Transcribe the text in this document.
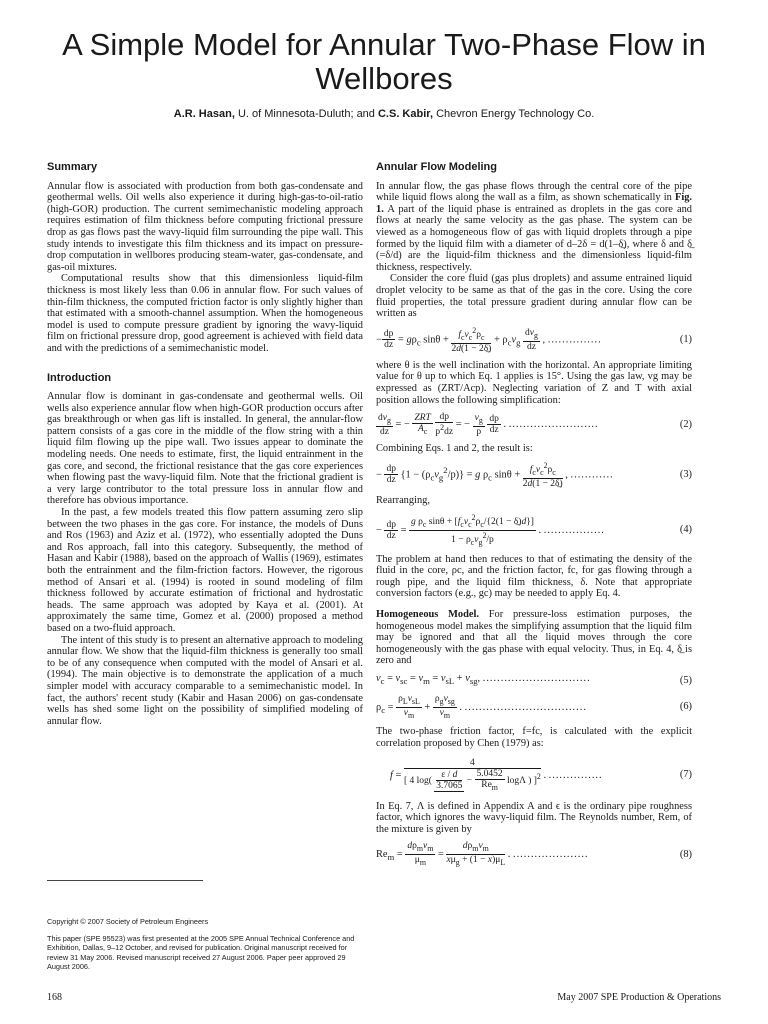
A Simple Model for Annular Two-Phase Flow in Wellbores
A.R. Hasan, U. of Minnesota-Duluth; and C.S. Kabir, Chevron Energy Technology Co.
Summary

Annular flow is associated with production from both gas-condensate and geothermal wells. Oil wells also experience it during high-gas-to-oil-ratio (high-GOR) production. The current semimechanistic modeling approach requires estimation of film thickness before computing frictional pressure drop as gas flows past the wavy-liquid film surrounding the pipe wall. This study intends to investigate this film thickness and its impact on pressure-drop computation in wellbores producing steam-water, gas-condensate, and gas-oil mixtures.

Computational results show that this dimensionless liquid-film thickness is most likely less than 0.06 in annular flow. For such values of thin-film thickness, the computed friction factor is only slightly higher than that estimated with a smooth-channel assumption. When the homogeneous model is used to compute pressure gradient by ignoring the wavy-liquid film on frictional pressure drop, good agreement is achieved with field data and with the predictions of a semimechanistic model.

Introduction

Annular flow is dominant in gas-condensate and geothermal wells. Oil wells also experience annular flow when high-GOR production occurs after gas breakthrough or when gas lift is installed. In general, the annular-flow pattern consists of a gas core in the middle of the flow string with a thin liquid film flowing up the pipe wall. Two issues appear to dominate the modeling needs. One needs to estimate, first, the liquid entrainment in the gas core, and second, the frictional resistance that the gas core experiences when flowing past the wavy-liquid film. Note that the frictional gradient is a very large contributor to the total pressure loss in annular flow and therefore has obvious importance.

In the past, a few models treated this flow pattern assuming zero slip between the two phases in the gas core. For instance, the models of Duns and Ros (1963) and Aziz et al. (1972), who essentially adopted the Duns and Ros approach, fall into this category. Subsequently, the method of Hasan and Kabir (1988), based on the approach of Wallis (1969), estimates both the entrainment and the film-friction factors. However, the rigorous method of Ansari et al. (1994) is rooted in sound modeling of film thickness followed by accurate estimation of frictional and hydrostatic heads. The same approach was adopted by Kaya et al. (2001). At approximately the same time, Gomez et al. (2000) proposed a method based on a two-fluid approach.

The intent of this study is to present an alternative approach to modeling annular flow. We show that the liquid-film thickness is generally too small to be of any consequence when computed with the model of Ansari et al. (1994). The main objective is to demonstrate the application of a much simpler model with accuracy comparable to a semimechanistic model. In fact, the authors' recent study (Kabir and Hasan 2006) on gas-condensate wells has shed some light on the possibility of simplified modeling of annular flow.

Copyright © 2007 Society of Petroleum Engineers

This paper (SPE 95523) was first presented at the 2005 SPE Annual Technical Conference and Exhibition, Dallas, 9–12 October, and revised for publication. Original manuscript received for review 31 May 2006. Revised manuscript received 27 August 2006. Paper peer approved 29 August 2006.

Annular Flow Modeling

In annular flow, the gas phase flows through the central core of the pipe while liquid flows along the wall as a film, as shown schematically in Fig. 1. A part of the liquid phase is entrained as droplets in the gas core and flows at nearly the same velocity as the gas phase. The system can be viewed as a homogeneous flow of gas with liquid droplets through a pipe formed by the liquid film with a diameter of d–2δ = d(1–δ̲), where δ and δ̲ (=δ/d) are the liquid-film thickness and the dimensionless liquid-film thickness, respectively.

Consider the core fluid (gas plus droplets) and assume entrained liquid droplet velocity to be same as that of the gas in the core. Using the core fluid properties, the total pressure gradient during annular flow can be written as

− $\frac{dp}{dz} = g\rho_c$ $\sin\theta + f_cv_c^2\rho_c$
2d(1 − 2δ̲)
+ $\rho_cv_g$
$dv_g$
dz
, ...............	(1)

where θ is the well inclination with the horizontal. An appropriate limiting value for θ up to which Eq. 1 applies is 15°. Using the gas law, vg may be expressed as (ZRT/Acp). Neglecting variation of Z and T with axial position allows the following simplification:

$dv_g$
dz
= −
ZRT
$A_c$
$\frac{dp}{p^2dz}$ = − $\frac{v_g}{p}$
$\frac{dp}{dz}$ . .........................	(2)

Combining Eqs. 1 and 2, the result is:

− $\frac{dp}{dz} \{1 - (\rho_cv_g^2/p)\} = g$ $\rho_c$ $\sin\theta + f_cv_c^2\rho_c$
2d(1 − 2δ̲)
, ............	(3)

Rearranging,

− $\frac{dp}{dz}$ =
g $\rho_c$ $\sin\theta + [f_cv_c^2\rho_c/\{2(1$ − δ̲)d}]
$1 - \rho_cv_g^2/p$
. .................	(4)

The problem at hand then reduces to that of estimating the density of the fluid in the core, ρc, and the friction factor, fc, for gas flowing through a rough pipe, and the liquid film thickness, δ. Note that appropriate conversion factors (e.g., gc) may be needed to apply Eq. 4.

Homogeneous Model. For pressure-loss estimation purposes, the homogeneous model makes the simplifying assumption that the liquid film may be ignored and that all the liquid moves through the core homogeneously with the gas phase with equal velocity. Thus, in Eq. 4, δ̲ is zero and

$v_c = v_{sc} = v_m = v_{sL} + v_{sg}$, ..............................	(5)
$\rho_c$ =
$\rho_Lv_{sL}$
$v_m$
+
$\rho_gv_{sg}$
$v_m$
. ..................................	(6)

The two-phase friction factor, f=fc, is calculated with the explicit correlation proposed by Chen (1979) as:

f =
4
[ 4 $\log( \frac{\varepsilon / d}{3.7065}$ −
5.0452
$Re_m$
logΛ ) ]$^2$ . ...............	(7)

In Eq. 7, Λ is defined in Appendix A and ϵ is the ordinary pipe roughness factor, which ignores the wavy-liquid film. The Reynolds number, Rem, of the mixture is given by

$Re_m$ =
$d\rho_mv_m$
$\mu_m$
=
$d\rho_mv_m$
$x\mu_g + (1 - x)\mu_L$
. .....................	(8)
168	May 2007 SPE Production & Operations
